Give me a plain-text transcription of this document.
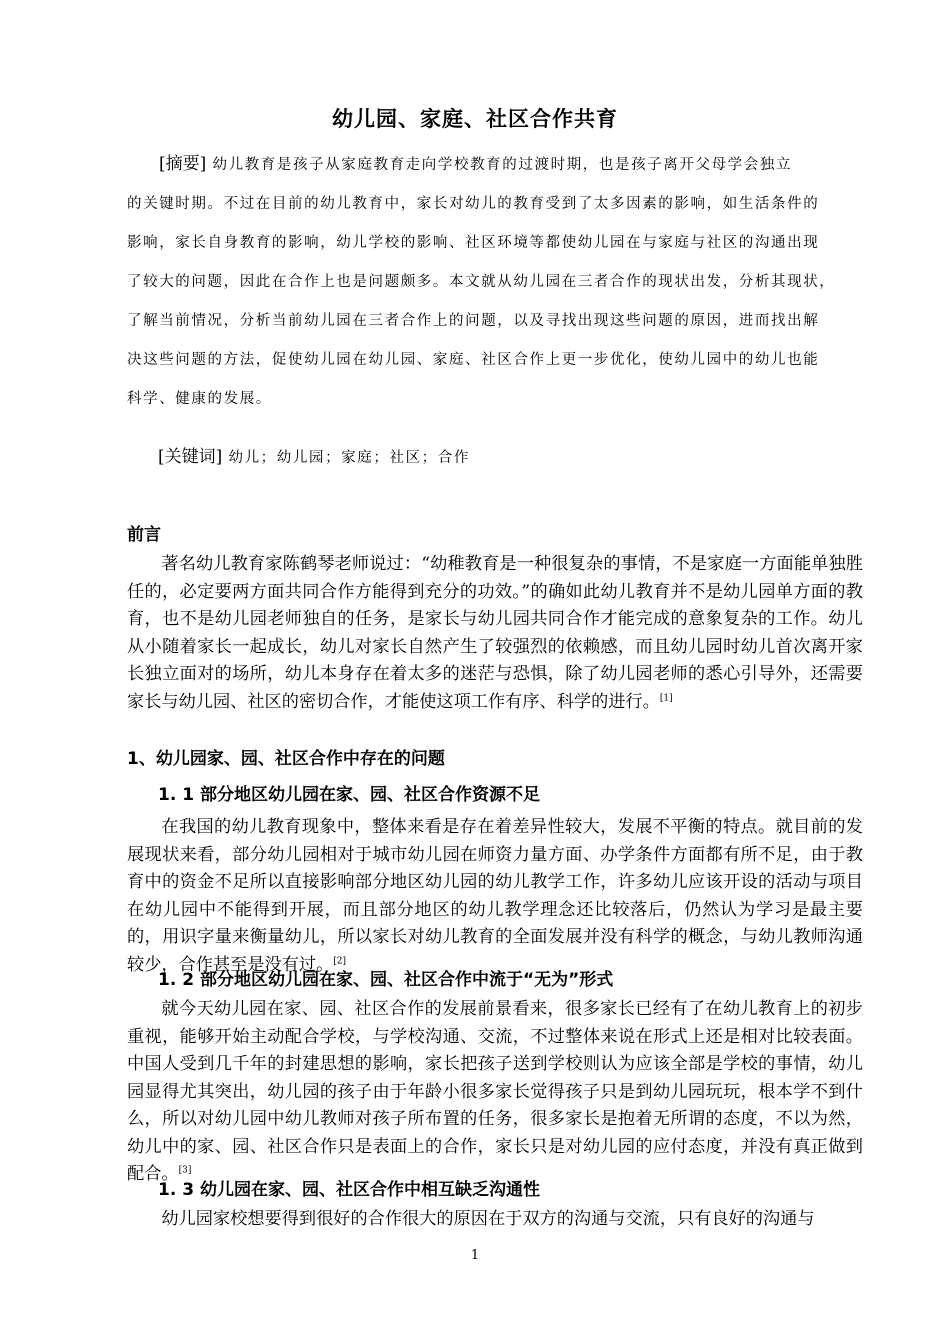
幼儿园、家庭、社区合作共育
[摘要] 幼儿教育是孩子从家庭教育走向学校教育的过渡时期，也是孩子离开父母学会独立
的关键时期。不过在目前的幼儿教育中，家长对幼儿的教育受到了太多因素的影响，如生活条件的
影响，家长自身教育的影响，幼儿学校的影响、社区环境等都使幼儿园在与家庭与社区的沟通出现
了较大的问题，因此在合作上也是问题颇多。本文就从幼儿园在三者合作的现状出发，分析其现状，
了解当前情况，分析当前幼儿园在三者合作上的问题，以及寻找出现这些问题的原因，进而找出解
决这些问题的方法，促使幼儿园在幼儿园、家庭、社区合作上更一步优化，使幼儿园中的幼儿也能
科学、健康的发展。
[关键词] 幼儿；幼儿园；家庭；社区；合作
前言
著名幼儿教育家陈鹤琴老师说过：“幼稚教育是一种很复杂的事情，不是家庭一方面能单独胜任的，必定要两方面共同合作方能得到充分的功效。”的确如此幼儿教育并不是幼儿园单方面的教育，也不是幼儿园老师独自的任务，是家长与幼儿园共同合作才能完成的意象复杂的工作。幼儿从小随着家长一起成长，幼儿对家长自然产生了较强烈的依赖感，而且幼儿园时幼儿首次离开家长独立面对的场所，幼儿本身存在着太多的迷茫与恐惧，除了幼儿园老师的悉心引导外，还需要家长与幼儿园、社区的密切合作，才能使这项工作有序、科学的进行。[1]
1、幼儿园家、园、社区合作中存在的问题
1. 1 部分地区幼儿园在家、园、社区合作资源不足
在我国的幼儿教育现象中，整体来看是存在着差异性较大，发展不平衡的特点。就目前的发展现状来看，部分幼儿园相对于城市幼儿园在师资力量方面、办学条件方面都有所不足，由于教育中的资金不足所以直接影响部分地区幼儿园的幼儿教学工作，许多幼儿应该开设的活动与项目在幼儿园中不能得到开展，而且部分地区的幼儿教学理念还比较落后，仍然认为学习是最主要的，用识字量来衡量幼儿，所以家长对幼儿教育的全面发展并没有科学的概念，与幼儿教师沟通较少，合作甚至是没有过。[2]
1. 2 部分地区幼儿园在家、园、社区合作中流于“无为”形式
就今天幼儿园在家、园、社区合作的发展前景看来，很多家长已经有了在幼儿教育上的初步重视，能够开始主动配合学校，与学校沟通、交流，不过整体来说在形式上还是相对比较表面。中国人受到几千年的封建思想的影响，家长把孩子送到学校则认为应该全部是学校的事情，幼儿园显得尤其突出，幼儿园的孩子由于年龄小很多家长觉得孩子只是到幼儿园玩玩，根本学不到什么，所以对幼儿园中幼儿教师对孩子所布置的任务，很多家长是抱着无所谓的态度，不以为然，幼儿中的家、园、社区合作只是表面上的合作，家长只是对幼儿园的应付态度，并没有真正做到配合。[3]
1. 3 幼儿园在家、园、社区合作中相互缺乏沟通性
幼儿园家校想要得到很好的合作很大的原因在于双方的沟通与交流，只有良好的沟通与
1
